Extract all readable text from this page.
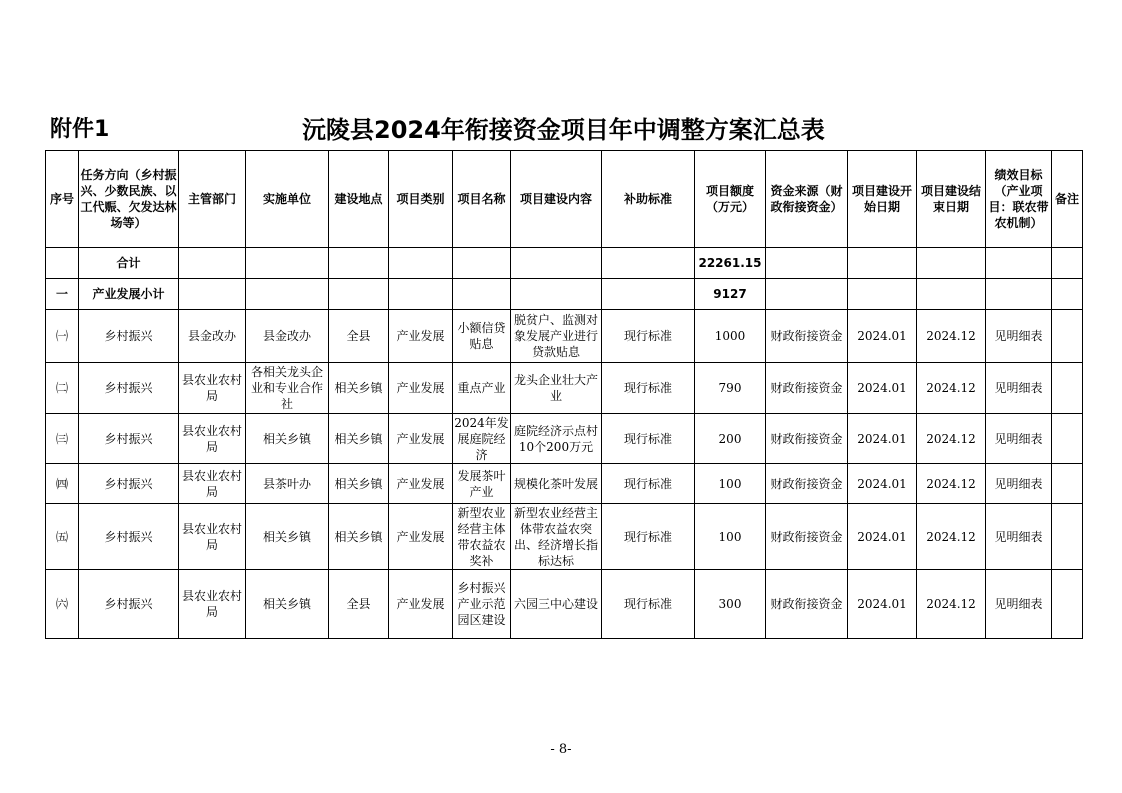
附件1	沅陵县2024年衔接资金项目年中调整方案汇总表
序号	任务方向（乡村振兴、少数民族、以工代赈、欠发达林场等）	主管部门	实施单位	建设地点	项目类别	项目名称	项目建设内容	补助标准	项目额度（万元）	资金来源（财政衔接资金）	项目建设开始日期	项目建设结束日期	绩效目标（产业项目：联农带农机制）	备注
	合计								22261.15					
一	产业发展小计								9127					
㈠	乡村振兴	县金改办	县金改办	全县	产业发展	小额信贷贴息	脱贫户、监测对象发展产业进行贷款贴息	现行标准	1000	财政衔接资金	2024.01	2024.12	见明细表	
㈡	乡村振兴	县农业农村局	各相关龙头企业和专业合作社	相关乡镇	产业发展	重点产业	龙头企业壮大产业	现行标准	790	财政衔接资金	2024.01	2024.12	见明细表	
㈢	乡村振兴	县农业农村局	相关乡镇	相关乡镇	产业发展	2024年发展庭院经济	庭院经济示点村10个200万元	现行标准	200	财政衔接资金	2024.01	2024.12	见明细表	
㈣	乡村振兴	县农业农村局	县茶叶办	相关乡镇	产业发展	发展茶叶产业	规模化茶叶发展	现行标准	100	财政衔接资金	2024.01	2024.12	见明细表	
㈤	乡村振兴	县农业农村局	相关乡镇	相关乡镇	产业发展	新型农业经营主体带农益农奖补	新型农业经营主体带农益农突出、经济增长指标达标	现行标准	100	财政衔接资金	2024.01	2024.12	见明细表	
㈥	乡村振兴	县农业农村局	相关乡镇	全县	产业发展	乡村振兴产业示范园区建设	六园三中心建设	现行标准	300	财政衔接资金	2024.01	2024.12	见明细表	
- 8-
